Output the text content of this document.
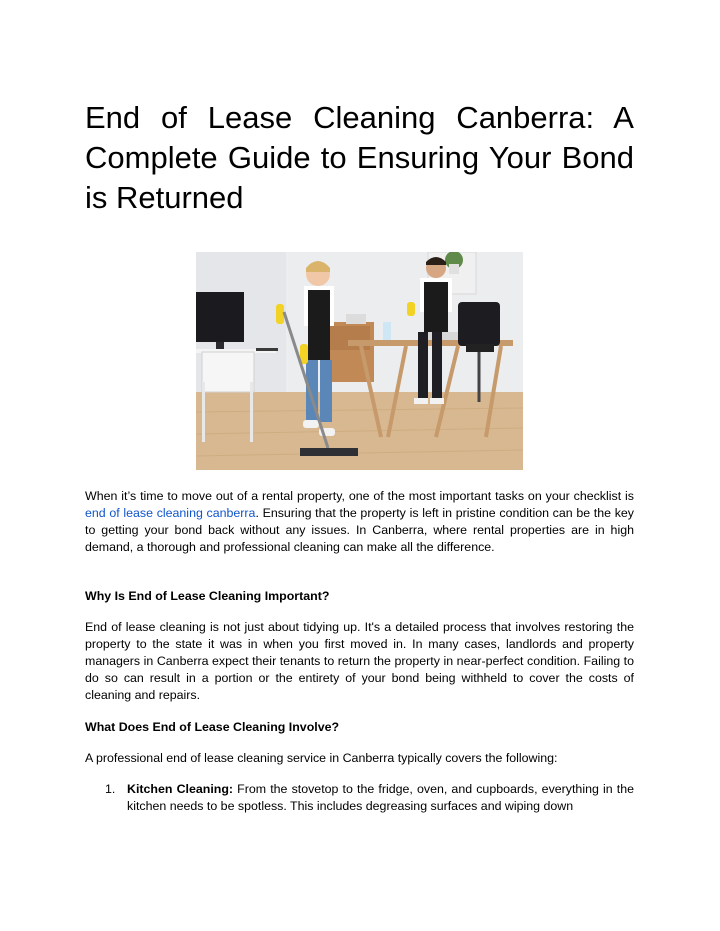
End of Lease Cleaning Canberra: A Complete Guide to Ensuring Your Bond is Returned

When it’s time to move out of a rental property, one of the most important tasks on your checklist is end of lease cleaning canberra. Ensuring that the property is left in pristine condition can be the key to getting your bond back without any issues. In Canberra, where rental properties are in high demand, a thorough and professional cleaning can make all the difference.

Why Is End of Lease Cleaning Important?

End of lease cleaning is not just about tidying up. It's a detailed process that involves restoring the property to the state it was in when you first moved in. In many cases, landlords and property managers in Canberra expect their tenants to return the property in near-perfect condition. Failing to do so can result in a portion or the entirety of your bond being withheld to cover the costs of cleaning and repairs.

What Does End of Lease Cleaning Involve?

A professional end of lease cleaning service in Canberra typically covers the following:

1. Kitchen Cleaning: From the stovetop to the fridge, oven, and cupboards, everything in the kitchen needs to be spotless. This includes degreasing surfaces and wiping down
